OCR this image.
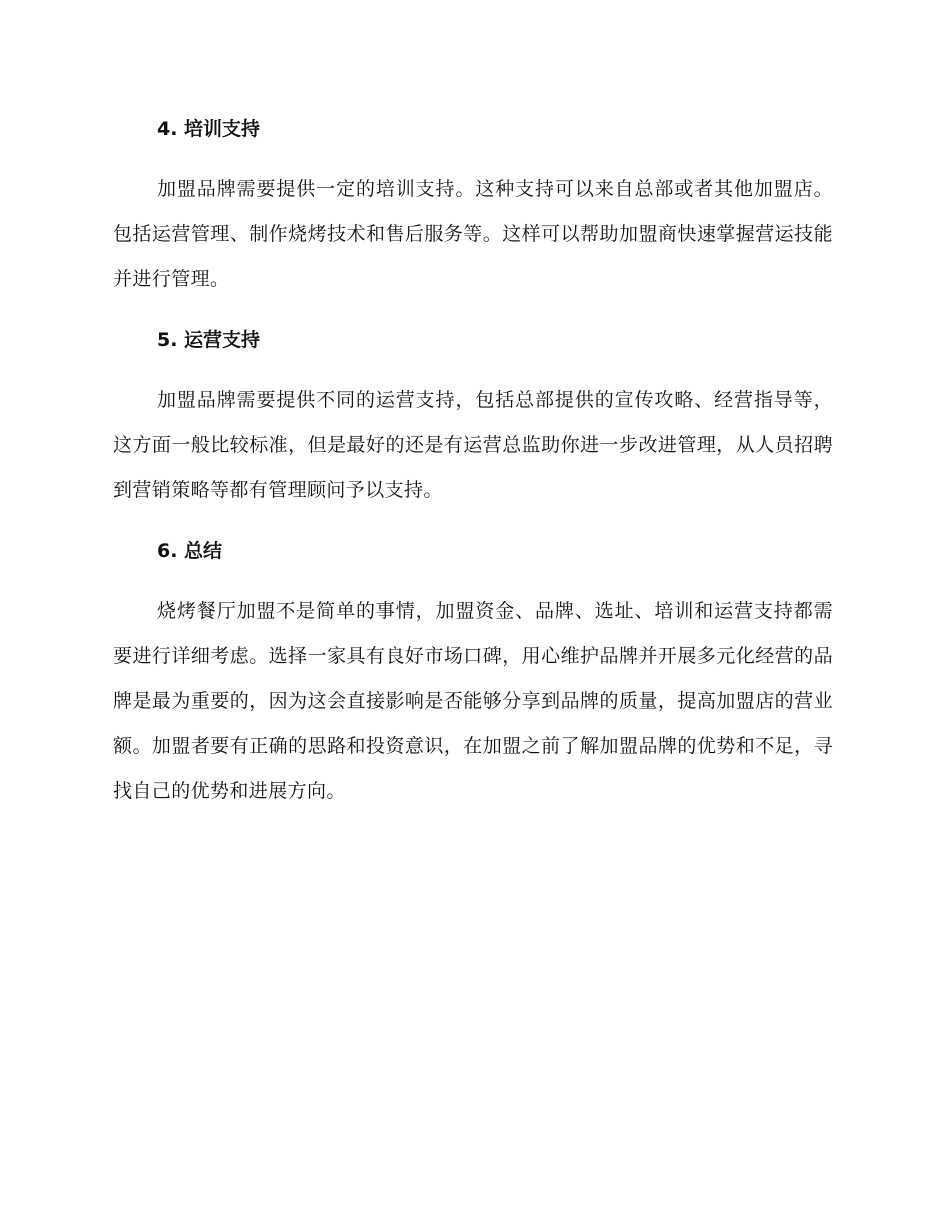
4. 培训支持

加盟品牌需要提供一定的培训支持。这种支持可以来自总部或者其他加盟店。包括运营管理、制作烧烤技术和售后服务等。这样可以帮助加盟商快速掌握营运技能并进行管理。

5. 运营支持

加盟品牌需要提供不同的运营支持，包括总部提供的宣传攻略、经营指导等，这方面一般比较标准，但是最好的还是有运营总监助你进一步改进管理，从人员招聘到营销策略等都有管理顾问予以支持。

6. 总结

烧烤餐厅加盟不是简单的事情，加盟资金、品牌、选址、培训和运营支持都需要进行详细考虑。选择一家具有良好市场口碑，用心维护品牌并开展多元化经营的品牌是最为重要的，因为这会直接影响是否能够分享到品牌的质量，提高加盟店的营业额。加盟者要有正确的思路和投资意识，在加盟之前了解加盟品牌的优势和不足，寻找自己的优势和进展方向。
